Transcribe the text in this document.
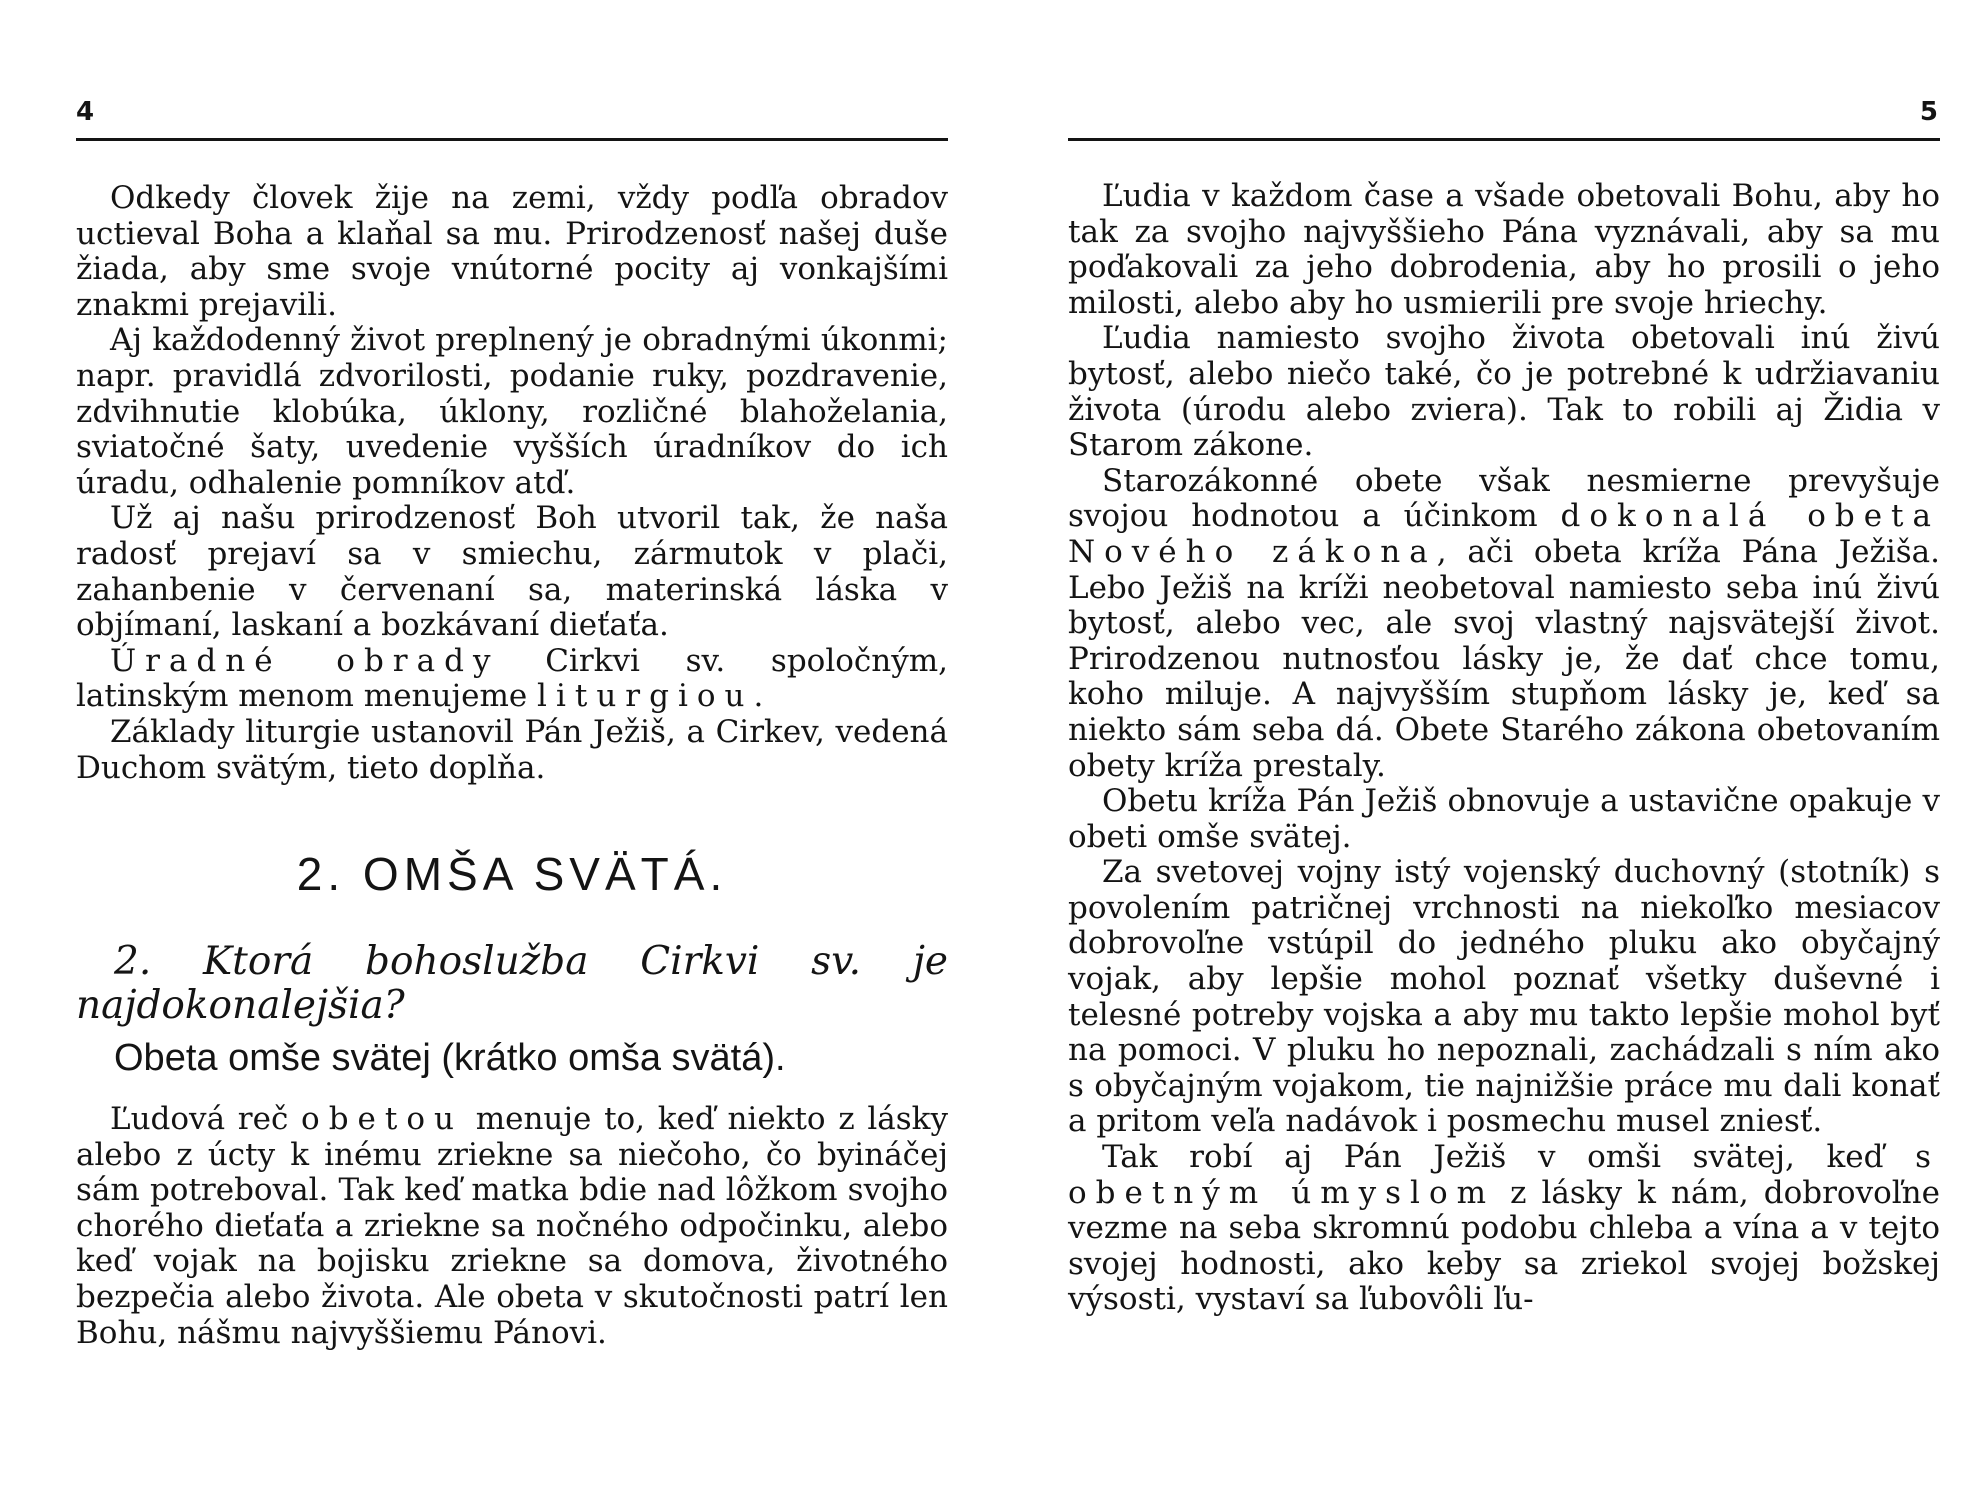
4

Odkedy človek žije na zemi, vždy podľa obradov uctieval Boha a klaňal sa mu. Prirodzenosť našej duše žiada, aby sme svoje vnútorné pocity aj vonkajšími znakmi prejavili.

Aj každodenný život preplnený je obradnými úkonmi; napr. pravidlá zdvorilosti, podanie ruky, pozdravenie, zdvihnutie klobúka, úklony, rozličné blahoželania, sviatočné šaty, uvedenie vyšších úradníkov do ich úradu, odhalenie pomníkov atď.

Už aj našu prirodzenosť Boh utvoril tak, že naša radosť prejaví sa v smiechu, zármutok v plači, zahanbenie v červenaní sa, materinská láska v objímaní, laskaní a bozkávaní dieťaťa.

Úradné obrady Cirkvi sv. spoločným, latinským menom menujeme liturgiou.

Základy liturgie ustanovil Pán Ježiš, a Cirkev, vedená Duchom svätým, tieto doplňa.

2. OMŠA SVÄTÁ.

2. Ktorá bohoslužba Cirkvi sv. je najdokonalejšia?

Obeta omše svätej (krátko omša svätá).

Ľudová reč obetou menuje to, keď niekto z lásky alebo z úcty k inému zriekne sa niečoho, čo byináčej sám potreboval. Tak keď matka bdie nad lôžkom svojho chorého dieťaťa a zriekne sa nočného odpočinku, alebo keď vojak na bojisku zriekne sa domova, životného bezpečia alebo života. Ale obeta v skutočnosti patrí len Bohu, nášmu najvyššiemu Pánovi.

5

Ľudia v každom čase a všade obetovali Bohu, aby ho tak za svojho najvyššieho Pána vyznávali, aby sa mu poďakovali za jeho dobrodenia, aby ho prosili o jeho milosti, alebo aby ho usmierili pre svoje hriechy.

Ľudia namiesto svojho života obetovali inú živú bytosť, alebo niečo také, čo je potrebné k udržiavaniu života (úrodu alebo zviera). Tak to robili aj Židia v Starom zákone.

Starozákonné obete však nesmierne prevyšuje svojou hodnotou a účinkom dokonalá obeta Nového zákona, ači obeta kríža Pána Ježiša. Lebo Ježiš na kríži neobetoval namiesto seba inú živú bytosť, alebo vec, ale svoj vlastný najsvätejší život. Prirodzenou nutnosťou lásky je, že dať chce tomu, koho miluje. A najvyšším stupňom lásky je, keď sa niekto sám seba dá. Obete Starého zákona obetovaním obety kríža prestaly.

Obetu kríža Pán Ježiš obnovuje a ustavične opakuje v obeti omše svätej.

Za svetovej vojny istý vojenský duchovný (stotník) s povolením patričnej vrchnosti na niekoľko mesiacov dobrovoľne vstúpil do jedného pluku ako obyčajný vojak, aby lepšie mohol poznať všetky duševné i telesné potreby vojska a aby mu takto lepšie mohol byť na pomoci. V pluku ho nepoznali, zachádzali s ním ako s obyčajným vojakom, tie najnižšie práce mu dali konať a pritom veľa nadávok i posmechu musel zniesť.

Tak robí aj Pán Ježiš v omši svätej, keď s obetným úmyslom z lásky k nám, dobrovoľne vezme na seba skromnú podobu chleba a vína a v tejto svojej hodnosti, ako keby sa zriekol svojej božskej výsosti, vystaví sa ľubovôli ľu-
